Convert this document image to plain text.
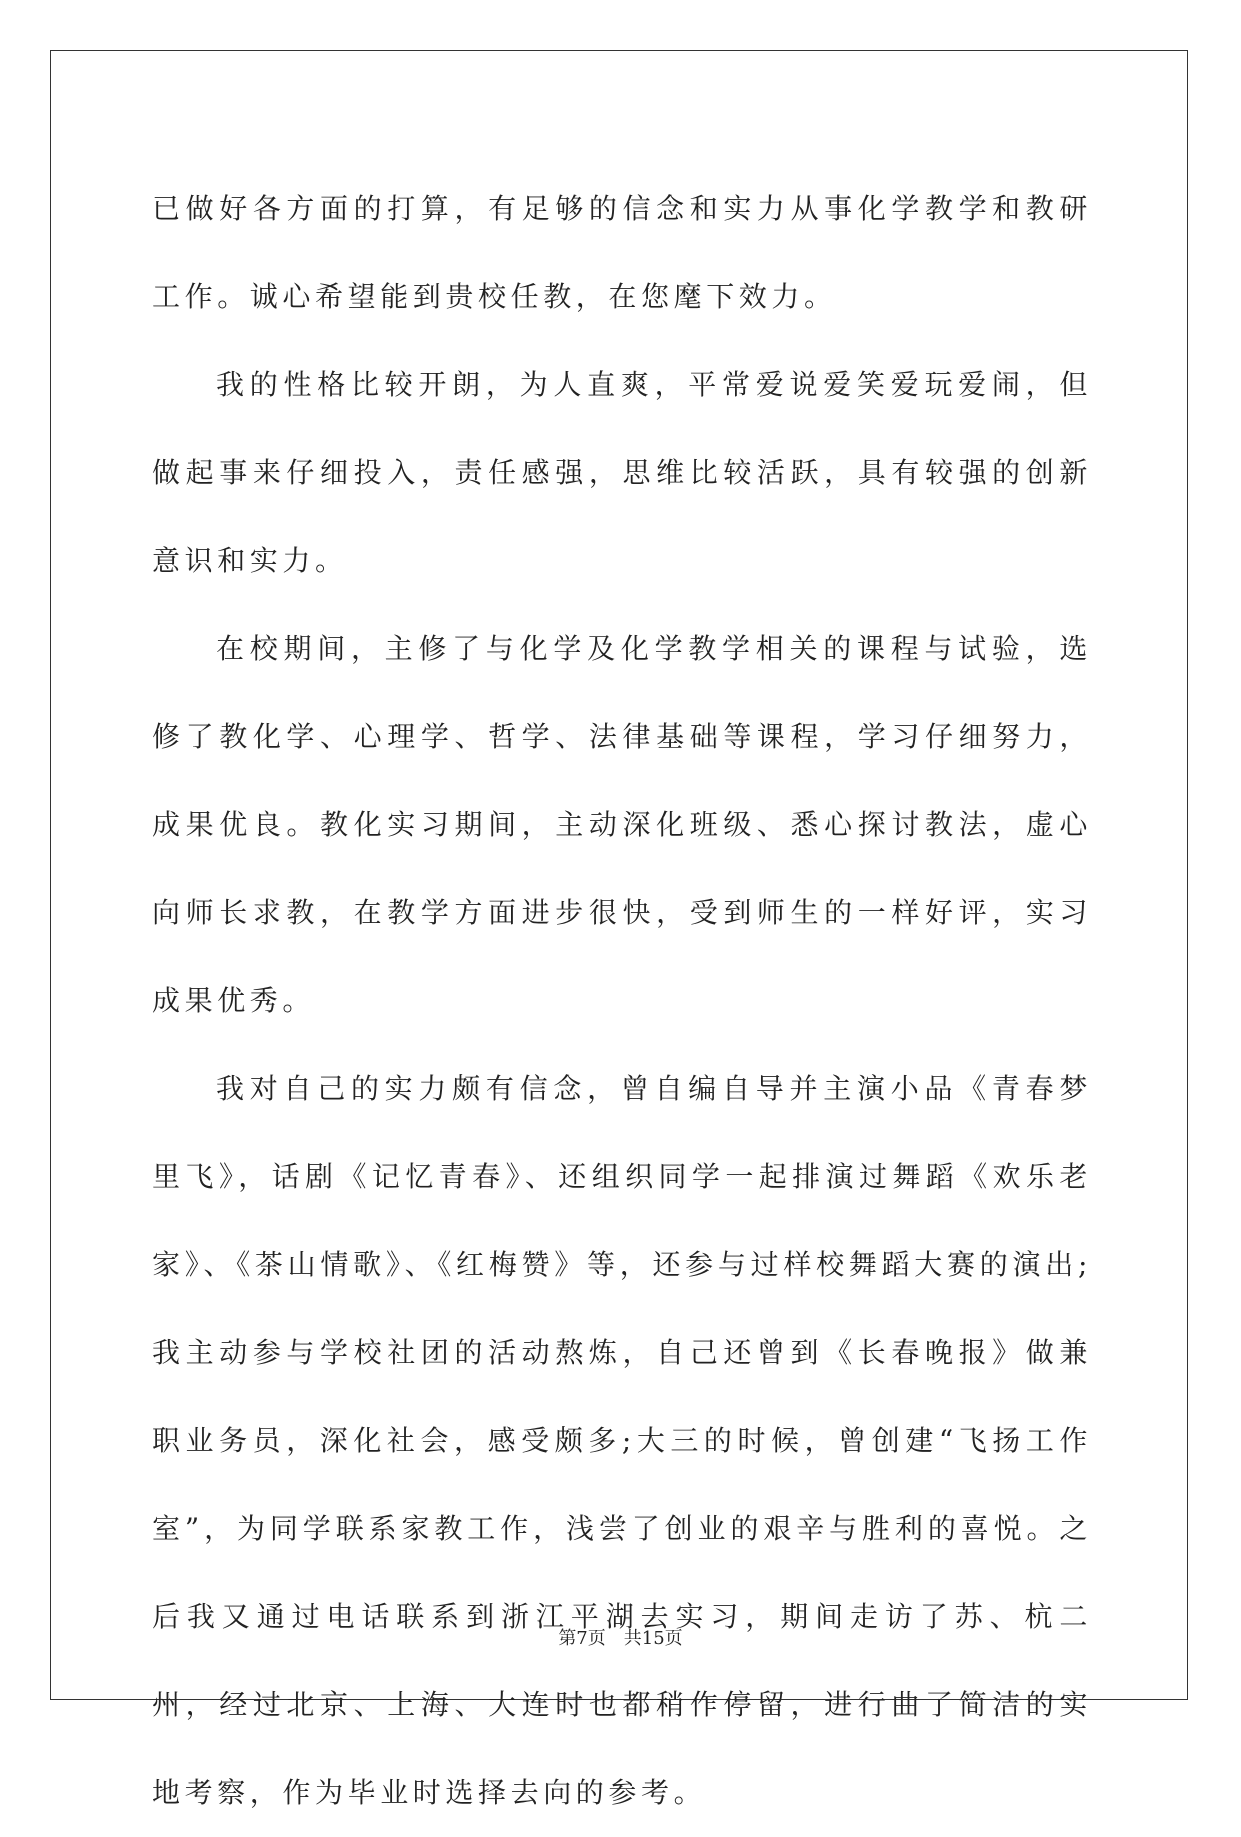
已做好各方面的打算，有足够的信念和实力从事化学教学和教研工作。诚心希望能到贵校任教，在您麾下效力。

我的性格比较开朗，为人直爽，平常爱说爱笑爱玩爱闹，但做起事来仔细投入，责任感强，思维比较活跃，具有较强的创新意识和实力。

在校期间，主修了与化学及化学教学相关的课程与试验，选修了教化学、心理学、哲学、法律基础等课程，学习仔细努力，成果优良。教化实习期间，主动深化班级、悉心探讨教法，虚心向师长求教，在教学方面进步很快，受到师生的一样好评，实习成果优秀。

我对自己的实力颇有信念，曾自编自导并主演小品《青春梦里飞》，话剧《记忆青春》、还组织同学一起排演过舞蹈《欢乐老家》、《茶山情歌》、《红梅赞》等，还参与过样校舞蹈大赛的演出;我主动参与学校社团的活动熬炼，自己还曾到《长春晚报》做兼职业务员，深化社会，感受颇多;大三的时候，曾创建“飞扬工作室”，为同学联系家教工作，浅尝了创业的艰辛与胜利的喜悦。之后我又通过电话联系到浙江平湖去实习，期间走访了苏、杭二州，经过北京、上海、大连时也都稍作停留，进行曲了简洁的实地考察，作为毕业时选择去向的参考。

第7页　共15页
